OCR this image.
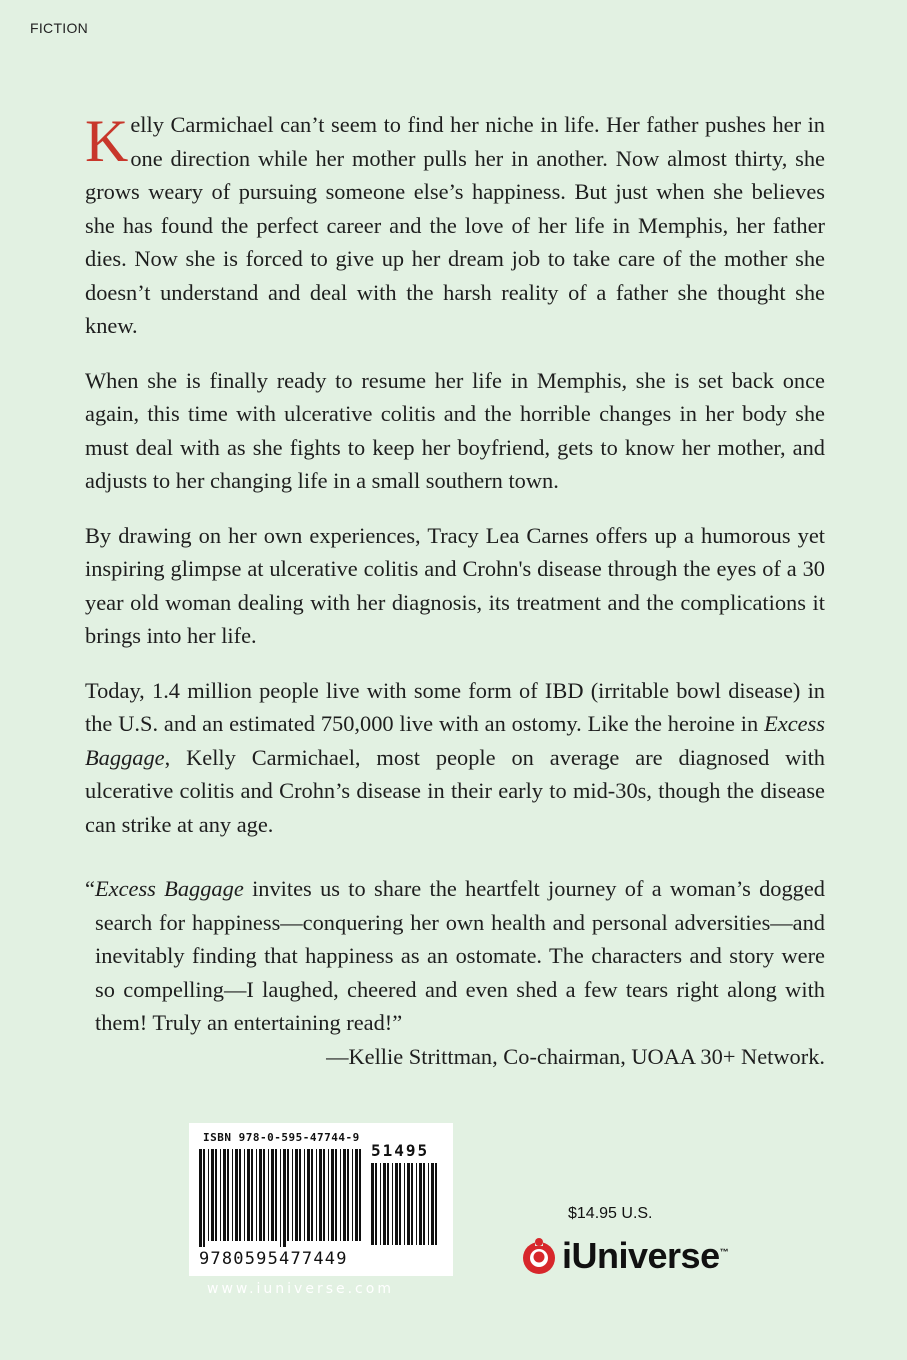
FICTION

Kelly Carmichael can’t seem to find her niche in life. Her father pushes her in one direction while her mother pulls her in another. Now almost thirty, she grows weary of pursuing someone else’s happiness. But just when she believes she has found the perfect career and the love of her life in Memphis, her father dies. Now she is forced to give up her dream job to take care of the mother she doesn’t understand and deal with the harsh reality of a father she thought she knew.

When she is finally ready to resume her life in Memphis, she is set back once again, this time with ulcerative colitis and the horrible changes in her body she must deal with as she fights to keep her boyfriend, gets to know her mother, and adjusts to her changing life in a small southern town.

By drawing on her own experiences, Tracy Lea Carnes offers up a humorous yet inspiring glimpse at ulcerative colitis and Crohn's disease through the eyes of a 30 year old woman dealing with her diagnosis, its treatment and the complications it brings into her life.

Today, 1.4 million people live with some form of IBD (irritable bowl disease) in the U.S. and an estimated 750,000 live with an ostomy. Like the heroine in Excess Baggage, Kelly Carmichael, most people on average are diagnosed with ulcerative colitis and Crohn’s disease in their early to mid-30s, though the disease can strike at any age.

“Excess Baggage invites us to share the heartfelt journey of a woman’s dogged search for happiness—conquering her own health and personal adversities—and inevitably finding that happiness as an ostomate. The characters and story were so compelling—I laughed, cheered and even shed a few tears right along with them! Truly an entertaining read!”
—Kellie Strittman, Co-chairman, UOAA 30+ Network.
ISBN 978-0-595-47744-9
51495
9780595477449
www.iuniverse.com
$14.95 U.S.
iUniverse™
